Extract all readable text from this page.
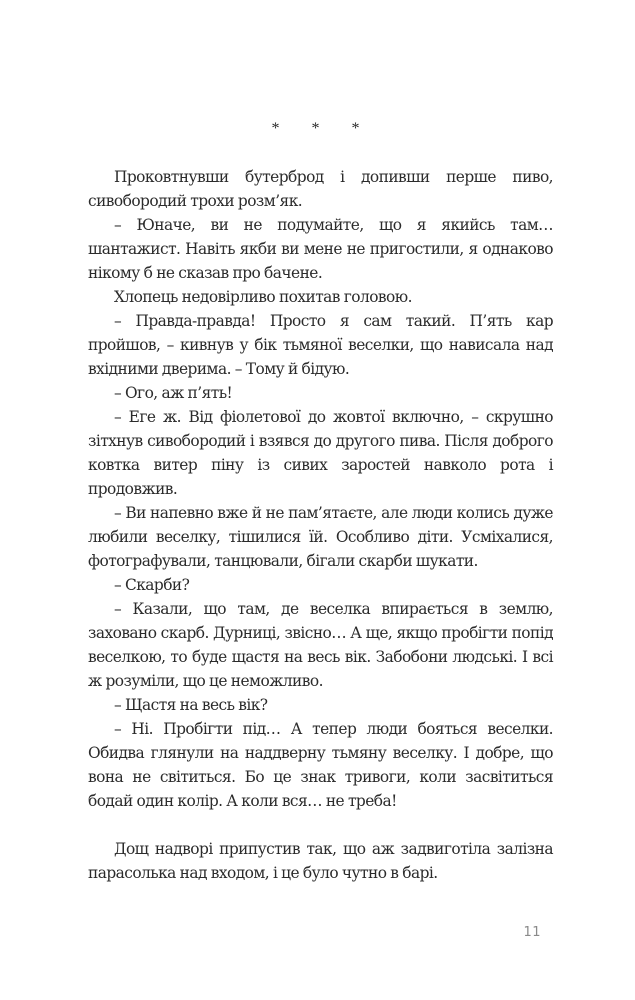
* * *

Проковтнувши бутерброд і допивши перше пиво, сивобородий трохи розм’як.

– Юначе, ви не подумайте, що я якийсь там… шантажист. Навіть якби ви мене не пригостили, я однаково нікому б не сказав про бачене.

Хлопець недовірливо похитав головою.

– Правда-правда! Просто я сам такий. П’ять кар пройшов, – кивнув у бік тьмяної веселки, що нависала над вхідними дверима. – Тому й бідую.

– Ого, аж п’ять!

– Еге ж. Від фіолетової до жовтої включно, – скрушно зітхнув сивобородий і взявся до другого пива. Після доброго ковтка витер піну із сивих заростей навколо рота і продовжив.

– Ви напевно вже й не пам’ятаєте, але люди колись дуже любили веселку, тішилися їй. Особливо діти. Усміхалися, фотографували, танцювали, бігали скарби шукати.

– Скарби?

– Казали, що там, де веселка впирається в землю, заховано скарб. Дурниці, звісно… А ще, якщо пробігти попід веселкою, то буде щастя на весь вік. Забобони людські. І всі ж розуміли, що це неможливо.

– Щастя на весь вік?

– Ні. Пробігти під… А тепер люди бояться веселки. Обидва глянули на наддверну тьмяну веселку. І добре, що вона не світиться. Бо це знак тривоги, коли засвітиться бодай один колір. А коли вся… не треба!

Дощ надворі припустив так, що аж задвиготіла залізна парасолька над входом, і це було чутно в барі.

11
